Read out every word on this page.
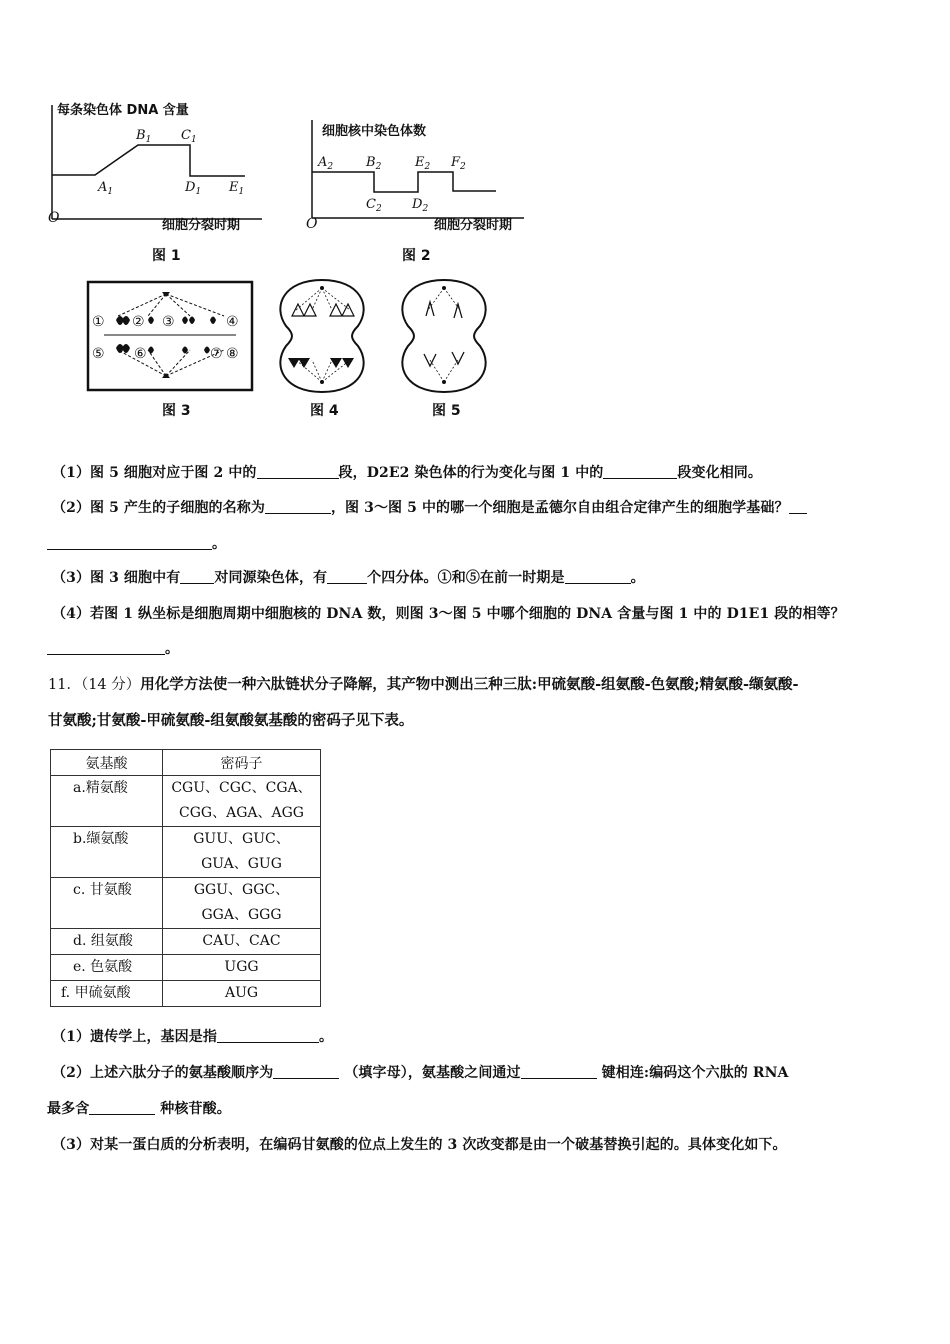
每条染色体 DNA 含量
细胞分裂时期
O
$A_1$
$B_1$ $C_1$
$D_1$ $E_1$
图 1
细胞核中染色体数
细胞分裂时期
O
$A_2$	$B_2$
$C_2$ $D_2$
$E_2$ $F_2$
图 2
① ② ③	④
⑤ ⑥	⑦ ⑧
图 3	图 4	图 5
（1）图 5 细胞对应于图 2 中的	段，D2E2 染色体的行为变化与图 1 中的	段变化相同。
（2）图 5 产生的子细胞的名称为	，图 3～图 5 中的哪一个细胞是孟德尔自由组合定律产生的细胞学基础？
。
（3）图 3 细胞中有 对同源染色体，有	个四分体。①和⑤在前一时期是	。
（4）若图 1 纵坐标是细胞周期中细胞核的 DNA 数，则图 3～图 5 中哪个细胞的 DNA 含量与图 1 中的 D1E1 段的相等？
。
11．（14 分）用化学方法使一种六肽链状分子降解，其产物中测出三种三肽:甲硫氨酸-组氨酸-色氨酸;精氨酸-缬氨酸-
甘氨酸;甘氨酸-甲硫氨酸-组氨酸氨基酸的密码子见下表。
氨基酸	密码子

a.精氨酸	CGU、CGC、CGA、
CGG、AGA、AGG

b.缬氨酸	GUU、GUC、
GUA、GUG

c. 甘氨酸	GGU、GGC、
GGA、GGG

d. 组氨酸	CAU、CAC

e. 色氨酸	UGG

f. 甲硫氨酸	AUG
（1）遗传学上，基因是指	。
（2）上述六肽分子的氨基酸顺序为	（填字母），氨基酸之间通过	键相连:编码这个六肽的 RNA
最多含	种核苷酸。
（3）对某一蛋白质的分析表明，在编码甘氨酸的位点上发生的 3 次改变都是由一个破基替换引起的。具体变化如下。
